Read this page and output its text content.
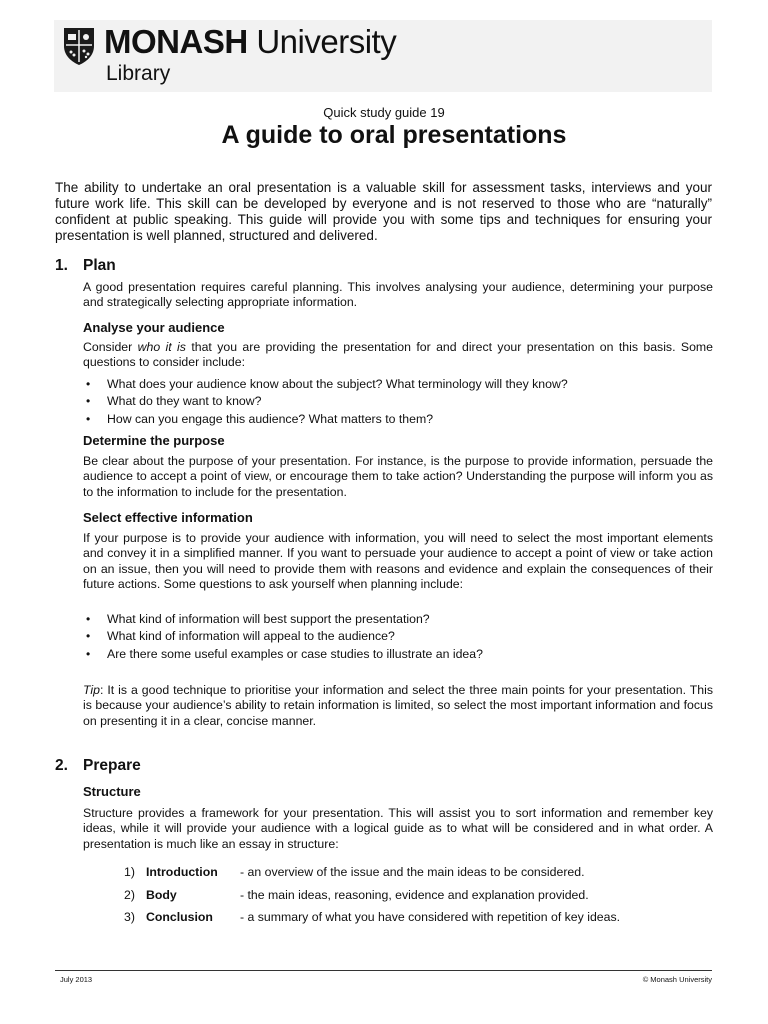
MONASH University
Library
Quick study guide 19
A guide to oral presentations

The ability to undertake an oral presentation is a valuable skill for assessment tasks, interviews and your future work life. This skill can be developed by everyone and is not reserved to those who are “naturally” confident at public speaking. This guide will provide you with some tips and techniques for ensuring your presentation is well planned, structured and delivered.

1. Plan

A good presentation requires careful planning. This involves analysing your audience, determining your purpose and strategically selecting appropriate information.

Analyse your audience

Consider who it is that you are providing the presentation for and direct your presentation on this basis. Some questions to consider include:

• What does your audience know about the subject? What terminology will they know?
• What do they want to know?
• How can you engage this audience? What matters to them?
Determine the purpose

Be clear about the purpose of your presentation. For instance, is the purpose to provide information, persuade the audience to accept a point of view, or encourage them to take action? Understanding the purpose will inform you as to the information to include for the presentation.

Select effective information

If your purpose is to provide your audience with information, you will need to select the most important elements and convey it in a simplified manner. If you want to persuade your audience to accept a point of view or take action on an issue, then you will need to provide them with reasons and evidence and explain the consequences of their future actions. Some questions to ask yourself when planning include:

• What kind of information will best support the presentation?
• What kind of information will appeal to the audience?
• Are there some useful examples or case studies to illustrate an idea?

Tip: It is a good technique to prioritise your information and select the three main points for your presentation. This is because your audience’s ability to retain information is limited, so select the most important information and focus on presenting it in a clear, concise manner.

2. Prepare
Structure

Structure provides a framework for your presentation. This will assist you to sort information and remember key ideas, while it will provide your audience with a logical guide as to what will be considered and in what order. A presentation is much like an essay in structure:

1) Introduction - an overview of the issue and the main ideas to be considered.
2) Body	- the main ideas, reasoning, evidence and explanation provided.
3) Conclusion - a summary of what you have considered with repetition of key ideas.
July 2013	© Monash University
